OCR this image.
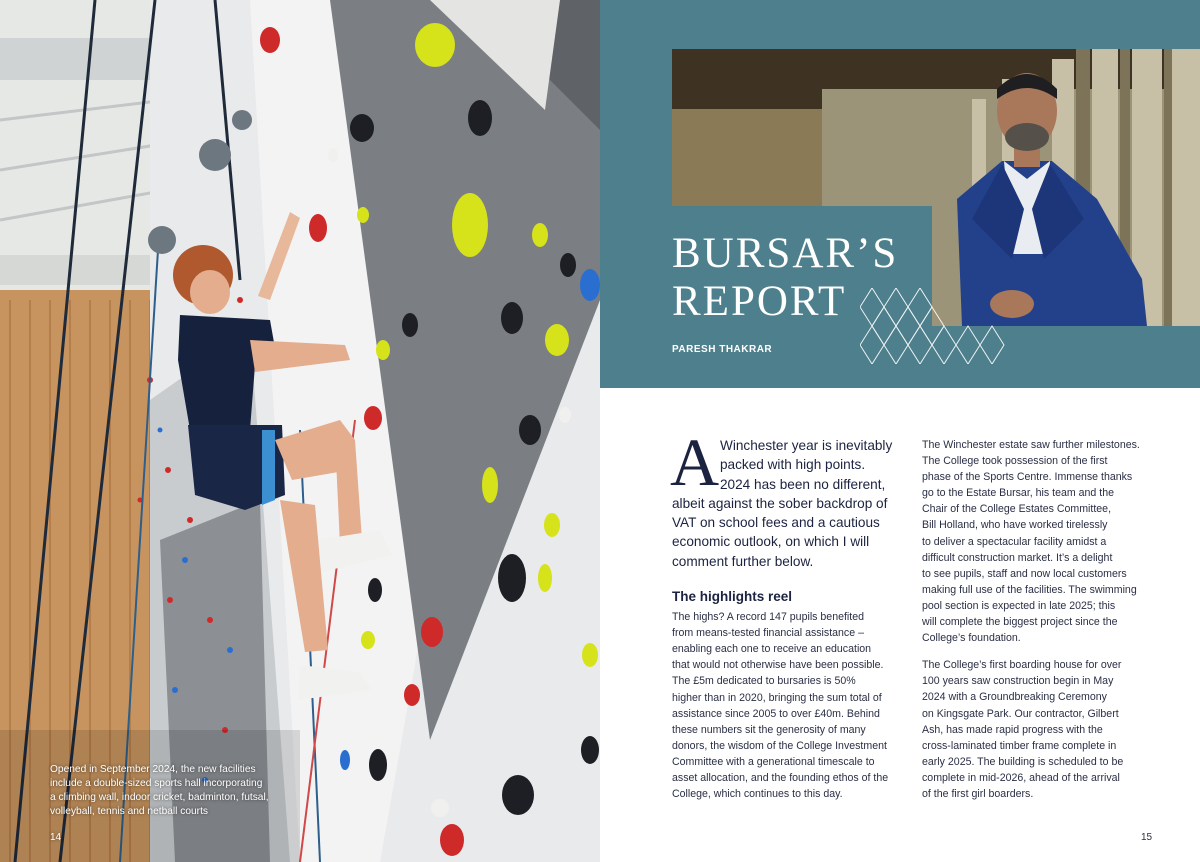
Opened in September 2024, the new facilities
include a double-sized sports hall incorporating
a climbing wall, indoor cricket, badminton, futsal,
volleyball, tennis and netball courts
14
BURSAR’S
REPORT
PARESH THAKRAR
A Winchester year is inevitably
packed with high points.
2024 has been no different,
albeit against the sober backdrop of
VAT on school fees and a cautious
economic outlook, on which I will
comment further below.
The highlights reel
The highs? A record 147 pupils benefited
from means-tested financial assistance –
enabling each one to receive an education
that would not otherwise have been possible.
The £5m dedicated to bursaries is 50%
higher than in 2020, bringing the sum total of
assistance since 2005 to over £40m. Behind
these numbers sit the generosity of many
donors, the wisdom of the College Investment
Committee with a generational timescale to
asset allocation, and the founding ethos of the
College, which continues to this day.

The Winchester estate saw further milestones.
The College took possession of the first
phase of the Sports Centre. Immense thanks
go to the Estate Bursar, his team and the
Chair of the College Estates Committee,
Bill Holland, who have worked tirelessly
to deliver a spectacular facility amidst a
difficult construction market. It’s a delight
to see pupils, staff and now local customers
making full use of the facilities. The swimming
pool section is expected in late 2025; this
will complete the biggest project since the
College’s foundation.

The College’s first boarding house for over
100 years saw construction begin in May
2024 with a Groundbreaking Ceremony
on Kingsgate Park. Our contractor, Gilbert
Ash, has made rapid progress with the
cross-laminated timber frame complete in
early 2025. The building is scheduled to be
complete in mid-2026, ahead of the arrival
of the first girl boarders.

15
